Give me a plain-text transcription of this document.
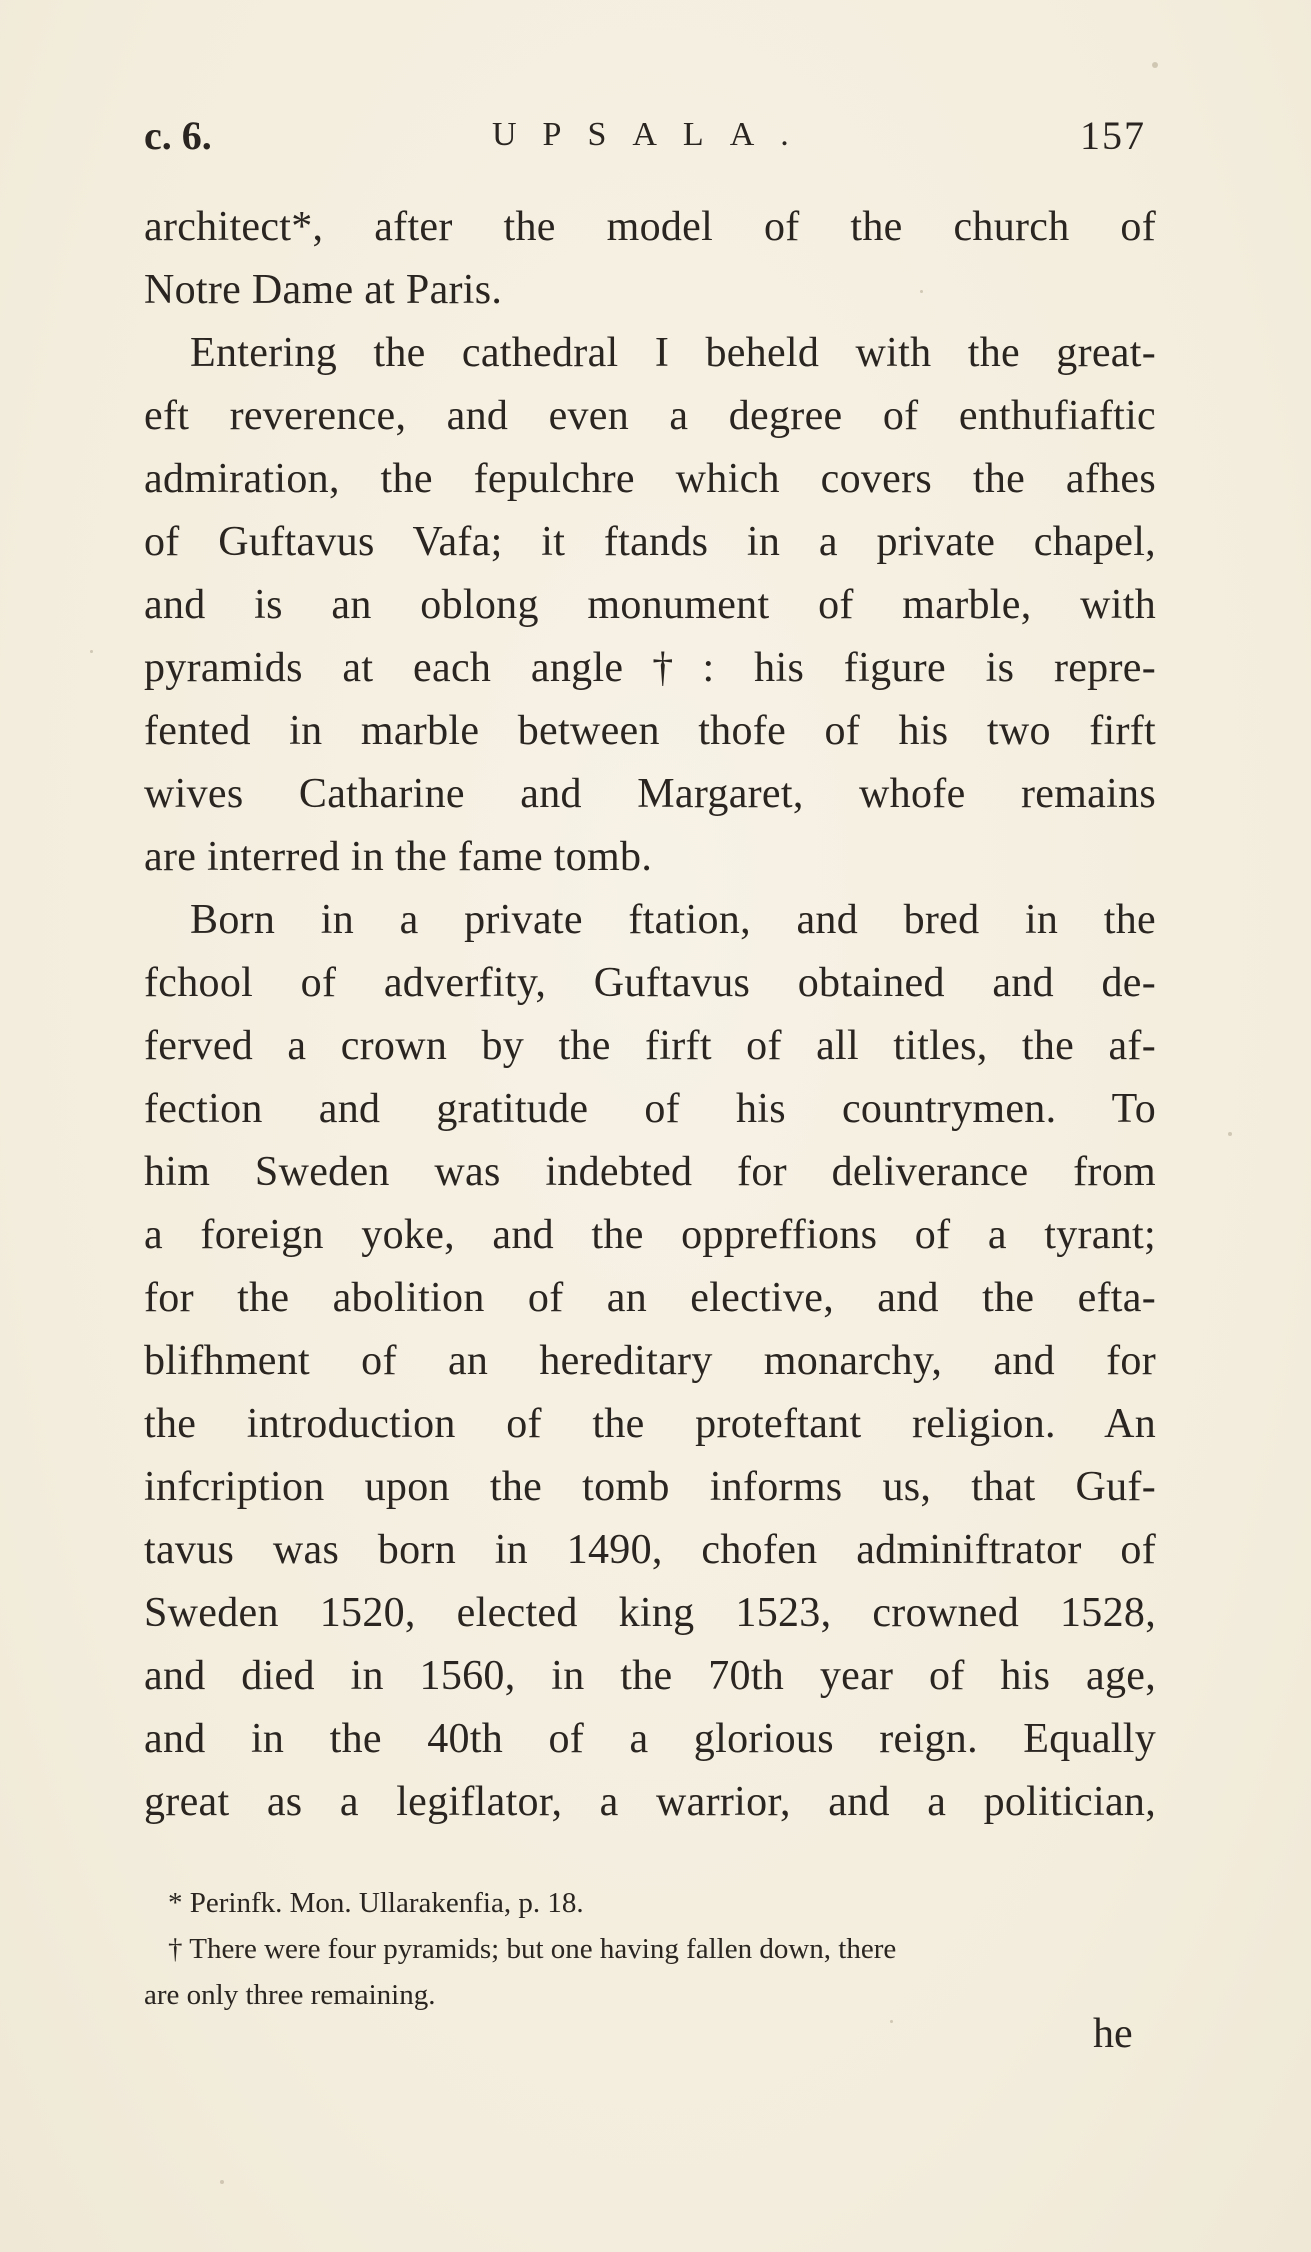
c. 6.	UPSALA.	157
architect*, after the model of the church of
Notre Dame at Paris.
Entering the cathedral I beheld with the great-
eft reverence, and even a degree of enthufiaftic
admiration, the fepulchre which covers the afhes
of Guftavus Vafa; it ftands in a private chapel,
and is an oblong monument of marble, with
pyramids at each angle†: his figure is repre-
fented in marble between thofe of his two firft
wives Catharine and Margaret, whofe remains
are interred in the fame tomb.
Born in a private ftation, and bred in the
fchool of adverfity, Guftavus obtained and de-
ferved a crown by the firft of all titles, the af-
fection and gratitude of his countrymen. To
him Sweden was indebted for deliverance from
a foreign yoke, and the oppreffions of a tyrant;
for the abolition of an elective, and the efta-
blifhment of an hereditary monarchy, and for
the introduction of the proteftant religion. An
infcription upon the tomb informs us, that Guf-
tavus was born in 1490, chofen adminiftrator of
Sweden 1520, elected king 1523, crowned 1528,
and died in 1560, in the 70th year of his age,
and in the 40th of a glorious reign. Equally
great as a legiflator, a warrior, and a politician,
* Perinfk. Mon. Ullarakenfia, p. 18.
† There were four pyramids; but one having fallen down, there
are only three remaining.
he
